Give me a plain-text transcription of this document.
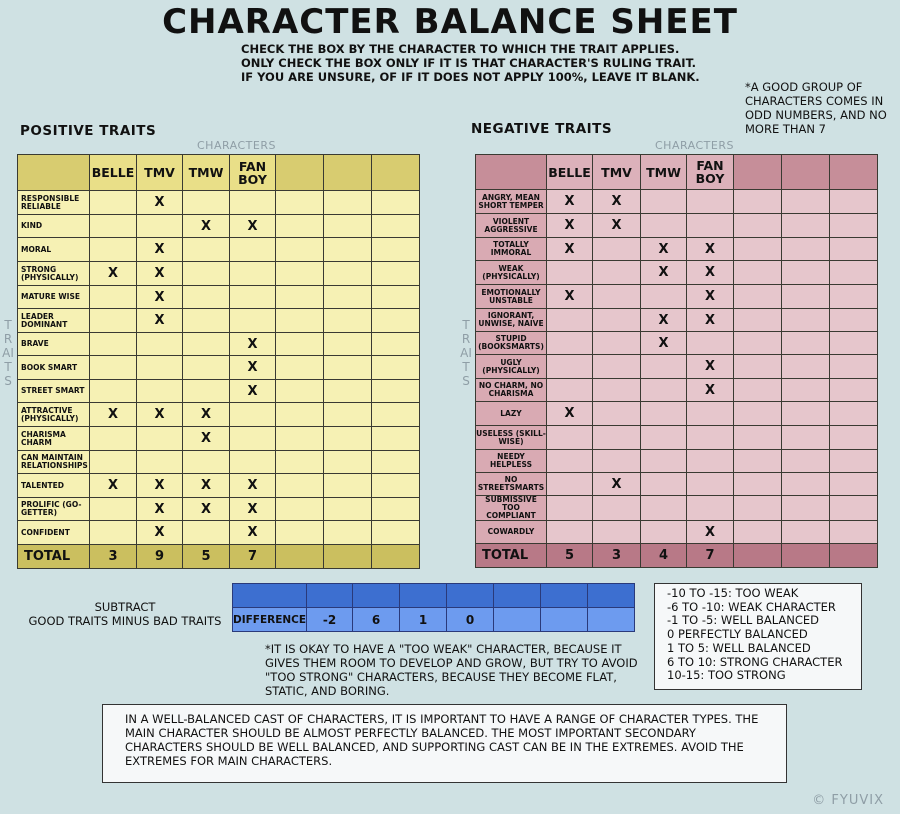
CHARACTER BALANCE SHEET
CHECK THE BOX BY THE CHARACTER TO WHICH THE TRAIT APPLIES.
ONLY CHECK THE BOX ONLY IF IT IS THAT CHARACTER'S RULING TRAIT.
IF YOU ARE UNSURE, OF IF IT DOES NOT APPLY 100%, LEAVE IT BLANK.
*A GOOD GROUP OF CHARACTERS COMES IN ODD NUMBERS, AND NO MORE THAN 7
POSITIVE TRAITS
CHARACTERS
TRAITS
NEGATIVE TRAITS
CHARACTERS
TRAITS
	BELLE	TMV	TMW	FAN BOY			
RESPONSIBLE RELIABLE		X					
KIND			X	X			
MORAL		X					
STRONG (PHYSICALLY)	X	X					
MATURE WISE		X					
LEADER DOMINANT		X					
BRAVE				X			
BOOK SMART				X			
STREET SMART				X			
ATTRACTIVE (PHYSICALLY)	X	X	X				
CHARISMA CHARM			X				
CAN MAINTAIN RELATIONSHIPS							
TALENTED	X	X	X	X			
PROLIFIC (GO-GETTER)		X	X	X			
CONFIDENT		X		X			
TOTAL	3	9	5	7			
	BELLE	TMV	TMW	FAN BOY			
ANGRY, MEAN SHORT TEMPER	X	X					
VIOLENT AGGRESSIVE	X	X					
TOTALLY IMMORAL	X		X	X			
WEAK (PHYSICALLY)			X	X			
EMOTIONALLY UNSTABLE	X			X			
IGNORANT, UNWISE, NAIVE			X	X			
STUPID (BOOKSMARTS)			X				
UGLY (PHYSICALLY)				X			
NO CHARM, NO CHARISMA				X			
LAZY	X						
USELESS (SKILL-WISE)							
NEEDY HELPLESS							
NO STREETSMARTS		X					
SUBMISSIVE TOO COMPLIANT							
COWARDLY				X			
TOTAL	5	3	4	7			
SUBTRACT
GOOD TRAITS MINUS BAD TRAITS
								DIFFERENCE	-2	6	1	0			
*IT IS OKAY TO HAVE A "TOO WEAK" CHARACTER, BECAUSE IT GIVES THEM ROOM TO DEVELOP AND GROW, BUT TRY TO AVOID "TOO STRONG" CHARACTERS, BECAUSE THEY BECOME FLAT, STATIC, AND BORING.
-10 TO -15: TOO WEAK
-6 TO -10: WEAK CHARACTER
-1 TO -5: WELL BALANCED
0 PERFECTLY BALANCED
1 TO 5: WELL BALANCED
6 TO 10: STRONG CHARACTER
10-15: TOO STRONG
IN A WELL-BALANCED CAST OF CHARACTERS, IT IS IMPORTANT TO HAVE A RANGE OF CHARACTER TYPES. THE MAIN CHARACTER SHOULD BE ALMOST PERFECTLY BALANCED. THE MOST IMPORTANT SECONDARY CHARACTERS SHOULD BE WELL BALANCED, AND SUPPORTING CAST CAN BE IN THE EXTREMES. AVOID THE EXTREMES FOR MAIN CHARACTERS.
© FYUVIX
